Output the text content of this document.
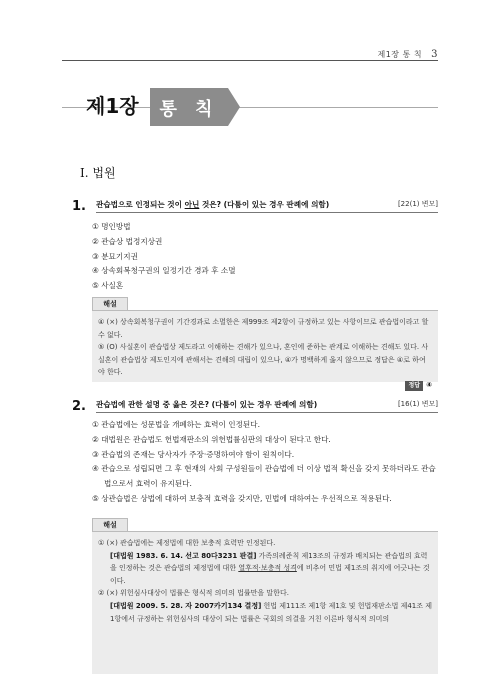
제1장 통 칙 3
제1장	통 칙
Ⅰ. 법원
1. 관습법으로 인정되는 것이 아닌 것은? (다툼이 있는 경우 판례에 의함)	[22(1) 변모]
① 명인방법
② 관습상 법정지상권
③ 분묘기지권
④ 상속회복청구권의 일정기간 경과 후 소멸
⑤ 사실혼
해설

④ (×) 상속회복청구권이 기간경과로 소멸한은 제999조 제2항이 규정하고 있는 사항이므로 관습법이라고 할 수 없다.

⑤ (O) 사실혼이 관습법상 제도라고 이해하는 견해가 있으나, 혼인에 준하는 관계로 이해하는 견해도 있다. 사실혼이 관습법상 제도인지에 관해서는 견해의 대립이 있으나, ④가 명백하게 옳지 않으므로 정답은 ④로 하여야 한다.

정답 ④

2. 관습법에 관한 설명 중 옳은 것은? (다툼이 있는 경우 판례에 의함)	[16(1) 변모]
① 관습법에는 성문법을 개폐하는 효력이 인정된다.
② 대법원은 관습법도 헌법재판소의 위헌법률심판의 대상이 된다고 한다.
③ 관습법의 존재는 당사자가 주장·증명하여야 함이 원칙이다.
④ 관습으로 성립되면 그 후 현재의 사회 구성원들이 관습법에 더 이상 법적 확신을 갖지 못하더라도 관습법으로서 효력이 유지된다.
⑤ 상관습법은 상법에 대하여 보충적 효력을 갖지만, 민법에 대하여는 우선적으로 적용된다.
해설

① (×) 관습법에는 제정법에 대한 보충적 효력만 인정된다.

[대법원 1983. 6. 14. 선고 80다3231 판결] 가족의례준칙 제13조의 규정과 배치되는 관습법의 효력을 인정하는 것은 관습법의 제정법에 대한 열후적·보충적 성격에 비추어 민법 제1조의 취지에 어긋나는 것이다.

② (×) 위헌심사대상이 법률은 형식적 의미의 법률만을 말한다.

[대법원 2009. 5. 28. 자 2007카기134 결정] 헌법 제111조 제1항 제1호 및 헌법재판소법 제41조 제1항에서 규정하는 위헌심사의 대상이 되는 법률은 국회의 의결을 거친 이른바 형식적 의미의
